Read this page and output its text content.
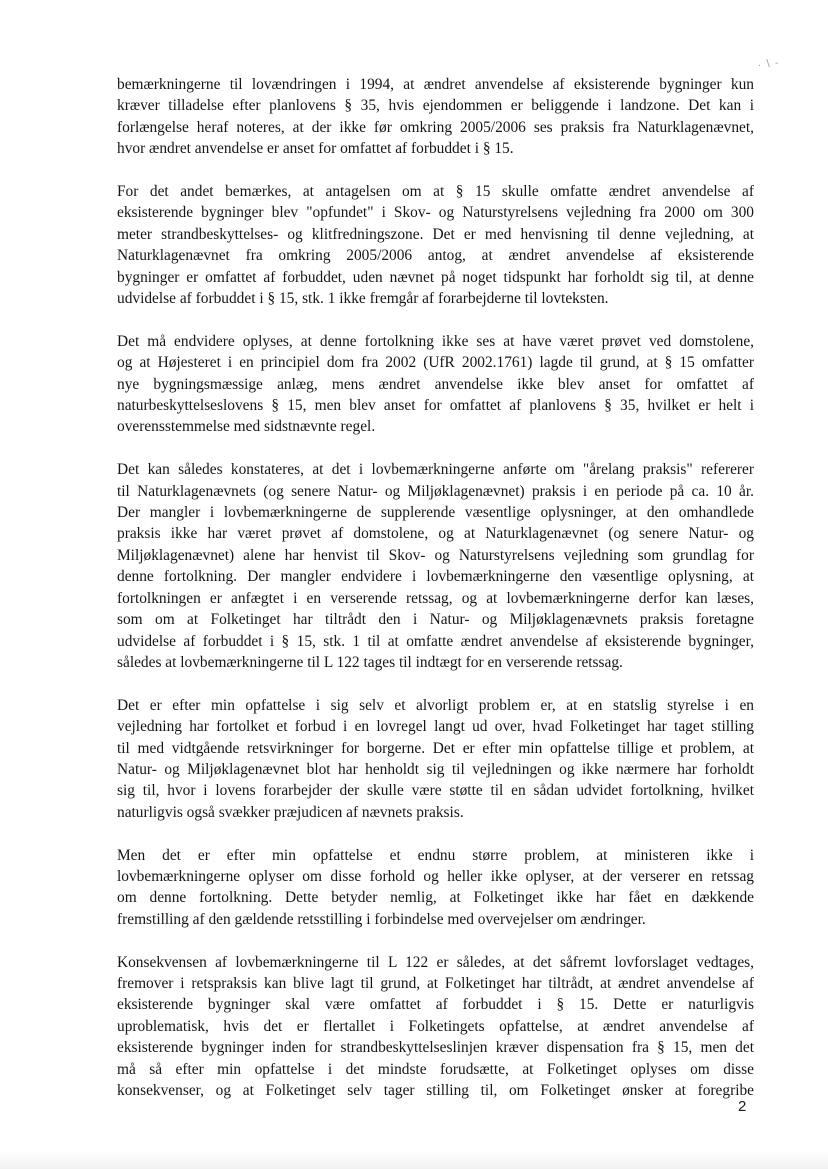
. \ -
bemærkningerne til lovændringen i 1994, at ændret anvendelse af eksisterende bygninger kun
kræver tilladelse efter planlovens § 35, hvis ejendommen er beliggende i landzone. Det kan i
forlængelse heraf noteres, at der ikke før omkring 2005/2006 ses praksis fra Naturklagenævnet,
hvor ændret anvendelse er anset for omfattet af forbuddet i § 15.
For det andet bemærkes, at antagelsen om at § 15 skulle omfatte ændret anvendelse af
eksisterende bygninger blev "opfundet" i Skov- og Naturstyrelsens vejledning fra 2000 om 300
meter strandbeskyttelses- og klitfredningszone. Det er med henvisning til denne vejledning, at
Naturklagenævnet fra omkring 2005/2006 antog, at ændret anvendelse af eksisterende
bygninger er omfattet af forbuddet, uden nævnet på noget tidspunkt har forholdt sig til, at denne
udvidelse af forbuddet i § 15, stk. 1 ikke fremgår af forarbejderne til lovteksten.
Det må endvidere oplyses, at denne fortolkning ikke ses at have været prøvet ved domstolene,
og at Højesteret i en principiel dom fra 2002 (UfR 2002.1761) lagde til grund, at § 15 omfatter
nye bygningsmæssige anlæg, mens ændret anvendelse ikke blev anset for omfattet af
naturbeskyttelseslovens § 15, men blev anset for omfattet af planlovens § 35, hvilket er helt i
overensstemmelse med sidstnævnte regel.
Det kan således konstateres, at det i lovbemærkningerne anførte om "årelang praksis" refererer
til Naturklagenævnets (og senere Natur- og Miljøklagenævnet) praksis i en periode på ca. 10 år.
Der mangler i lovbemærkningerne de supplerende væsentlige oplysninger, at den omhandlede
praksis ikke har været prøvet af domstolene, og at Naturklagenævnet (og senere Natur- og
Miljøklagenævnet) alene har henvist til Skov- og Naturstyrelsens vejledning som grundlag for
denne fortolkning. Der mangler endvidere i lovbemærkningerne den væsentlige oplysning, at
fortolkningen er anfægtet i en verserende retssag, og at lovbemærkningerne derfor kan læses,
som om at Folketinget har tiltrådt den i Natur- og Miljøklagenævnets praksis foretagne
udvidelse af forbuddet i § 15, stk. 1 til at omfatte ændret anvendelse af eksisterende bygninger,
således at lovbemærkningerne til L 122 tages til indtægt for en verserende retssag.
Det er efter min opfattelse i sig selv et alvorligt problem er, at en statslig styrelse i en
vejledning har fortolket et forbud i en lovregel langt ud over, hvad Folketinget har taget stilling
til med vidtgående retsvirkninger for borgerne. Det er efter min opfattelse tillige et problem, at
Natur- og Miljøklagenævnet blot har henholdt sig til vejledningen og ikke nærmere har forholdt
sig til, hvor i lovens forarbejder der skulle være støtte til en sådan udvidet fortolkning, hvilket
naturligvis også svækker præjudicen af nævnets praksis.
Men det er efter min opfattelse et endnu større problem, at ministeren ikke i
lovbemærkningerne oplyser om disse forhold og heller ikke oplyser, at der verserer en retssag
om denne fortolkning. Dette betyder nemlig, at Folketinget ikke har fået en dækkende
fremstilling af den gældende retsstilling i forbindelse med overvejelser om ændringer.
Konsekvensen af lovbemærkningerne til L 122 er således, at det såfremt lovforslaget vedtages,
fremover i retspraksis kan blive lagt til grund, at Folketinget har tiltrådt, at ændret anvendelse af
eksisterende bygninger skal være omfattet af forbuddet i § 15. Dette er naturligvis
uproblematisk, hvis det er flertallet i Folketingets opfattelse, at ændret anvendelse af
eksisterende bygninger inden for strandbeskyttelseslinjen kræver dispensation fra § 15, men det
må så efter min opfattelse i det mindste forudsætte, at Folketinget oplyses om disse
konsekvenser, og at Folketinget selv tager stilling til, om Folketinget ønsker at foregribe
2
